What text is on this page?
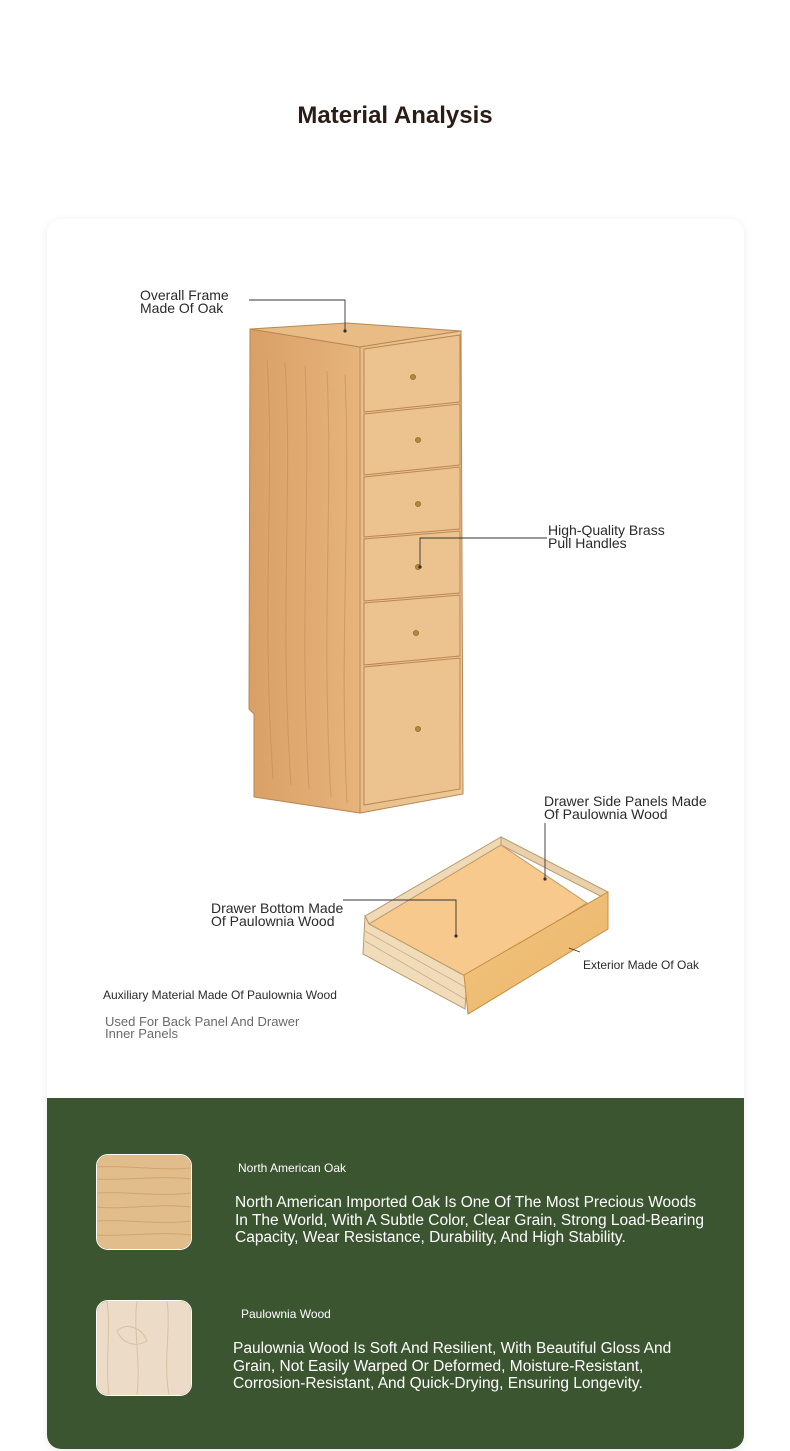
Material Analysis
Overall Frame
Made Of Oak
High-Quality Brass
Pull Handles
Drawer Side Panels Made
Of Paulownia Wood
Drawer Bottom Made
Of Paulownia Wood
Exterior Made Of Oak
Auxiliary Material Made Of Paulownia Wood
Used For Back Panel And Drawer
Inner Panels
North American Oak
North American Imported Oak Is One Of The Most Precious Woods In The World, With A Subtle Color, Clear Grain, Strong Load-Bearing Capacity, Wear Resistance, Durability, And High Stability.
Paulownia Wood
Paulownia Wood Is Soft And Resilient, With Beautiful Gloss And Grain, Not Easily Warped Or Deformed, Moisture-Resistant, Corrosion-Resistant, And Quick-Drying, Ensuring Longevity.
